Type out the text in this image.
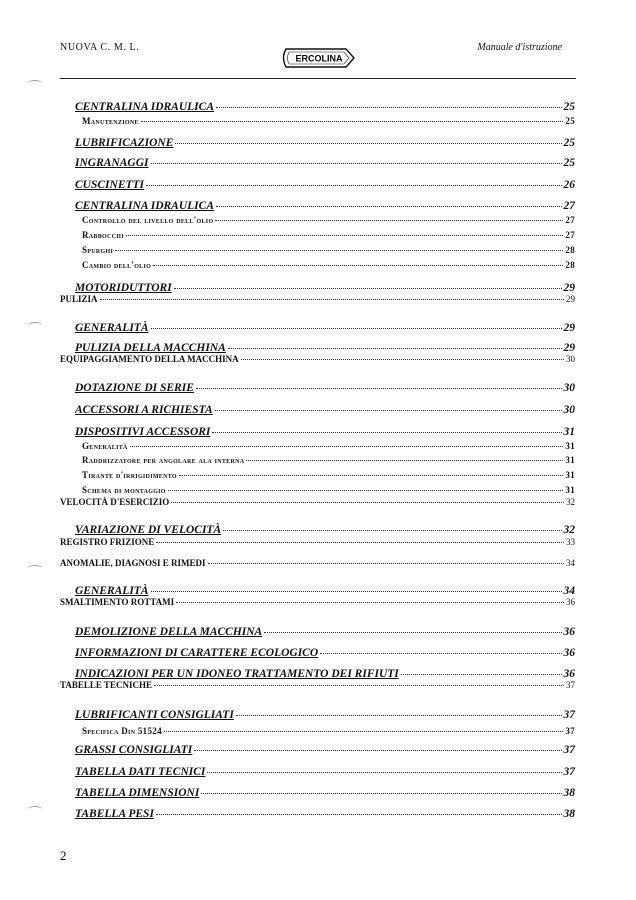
NUOVA C. M. L.
ERCOLINA
Manuale d'istruzione
CENTRALINA IDRAULICA	25
Manutenzione	25
LUBRIFICAZIONE	25
INGRANAGGI	25
CUSCINETTI	26
CENTRALINA IDRAULICA	27
Controllo del livello dell'olio	27
Rabbocchi	27
Spurghi	28
Cambio dell'olio	28
MOTORIDUTTORI	29
PULIZIA	29
GENERALITÀ	29
PULIZIA DELLA MACCHINA	29
EQUIPAGGIAMENTO DELLA MACCHINA	30
DOTAZIONE DI SERIE	30
ACCESSORI A RICHIESTA	30
DISPOSITIVI ACCESSORI	31
Generalità	31
Raddrizzatore per angolare ala interna	31
Tirante d'irrigidimento	31
Schema di montaggio	31
VELOCITÀ D'ESERCIZIO	32
VARIAZIONE DI VELOCITÀ	32
REGISTRO FRIZIONE	33
ANOMALIE, DIAGNOSI E RIMEDI	34
GENERALITÀ	34
SMALTIMENTO ROTTAMI	36
DEMOLIZIONE DELLA MACCHINA	36
INFORMAZIONI DI CARATTERE ECOLOGICO	36
INDICAZIONI PER UN IDONEO TRATTAMENTO DEI RIFIUTI	36
TABELLE TECNICHE	37
LUBRIFICANTI CONSIGLIATI	37
Specifica Din 51524	37
GRASSI CONSIGLIATI	37
TABELLA DATI TECNICI	37
TABELLA DIMENSIONI	38
TABELLA PESI	38
2
